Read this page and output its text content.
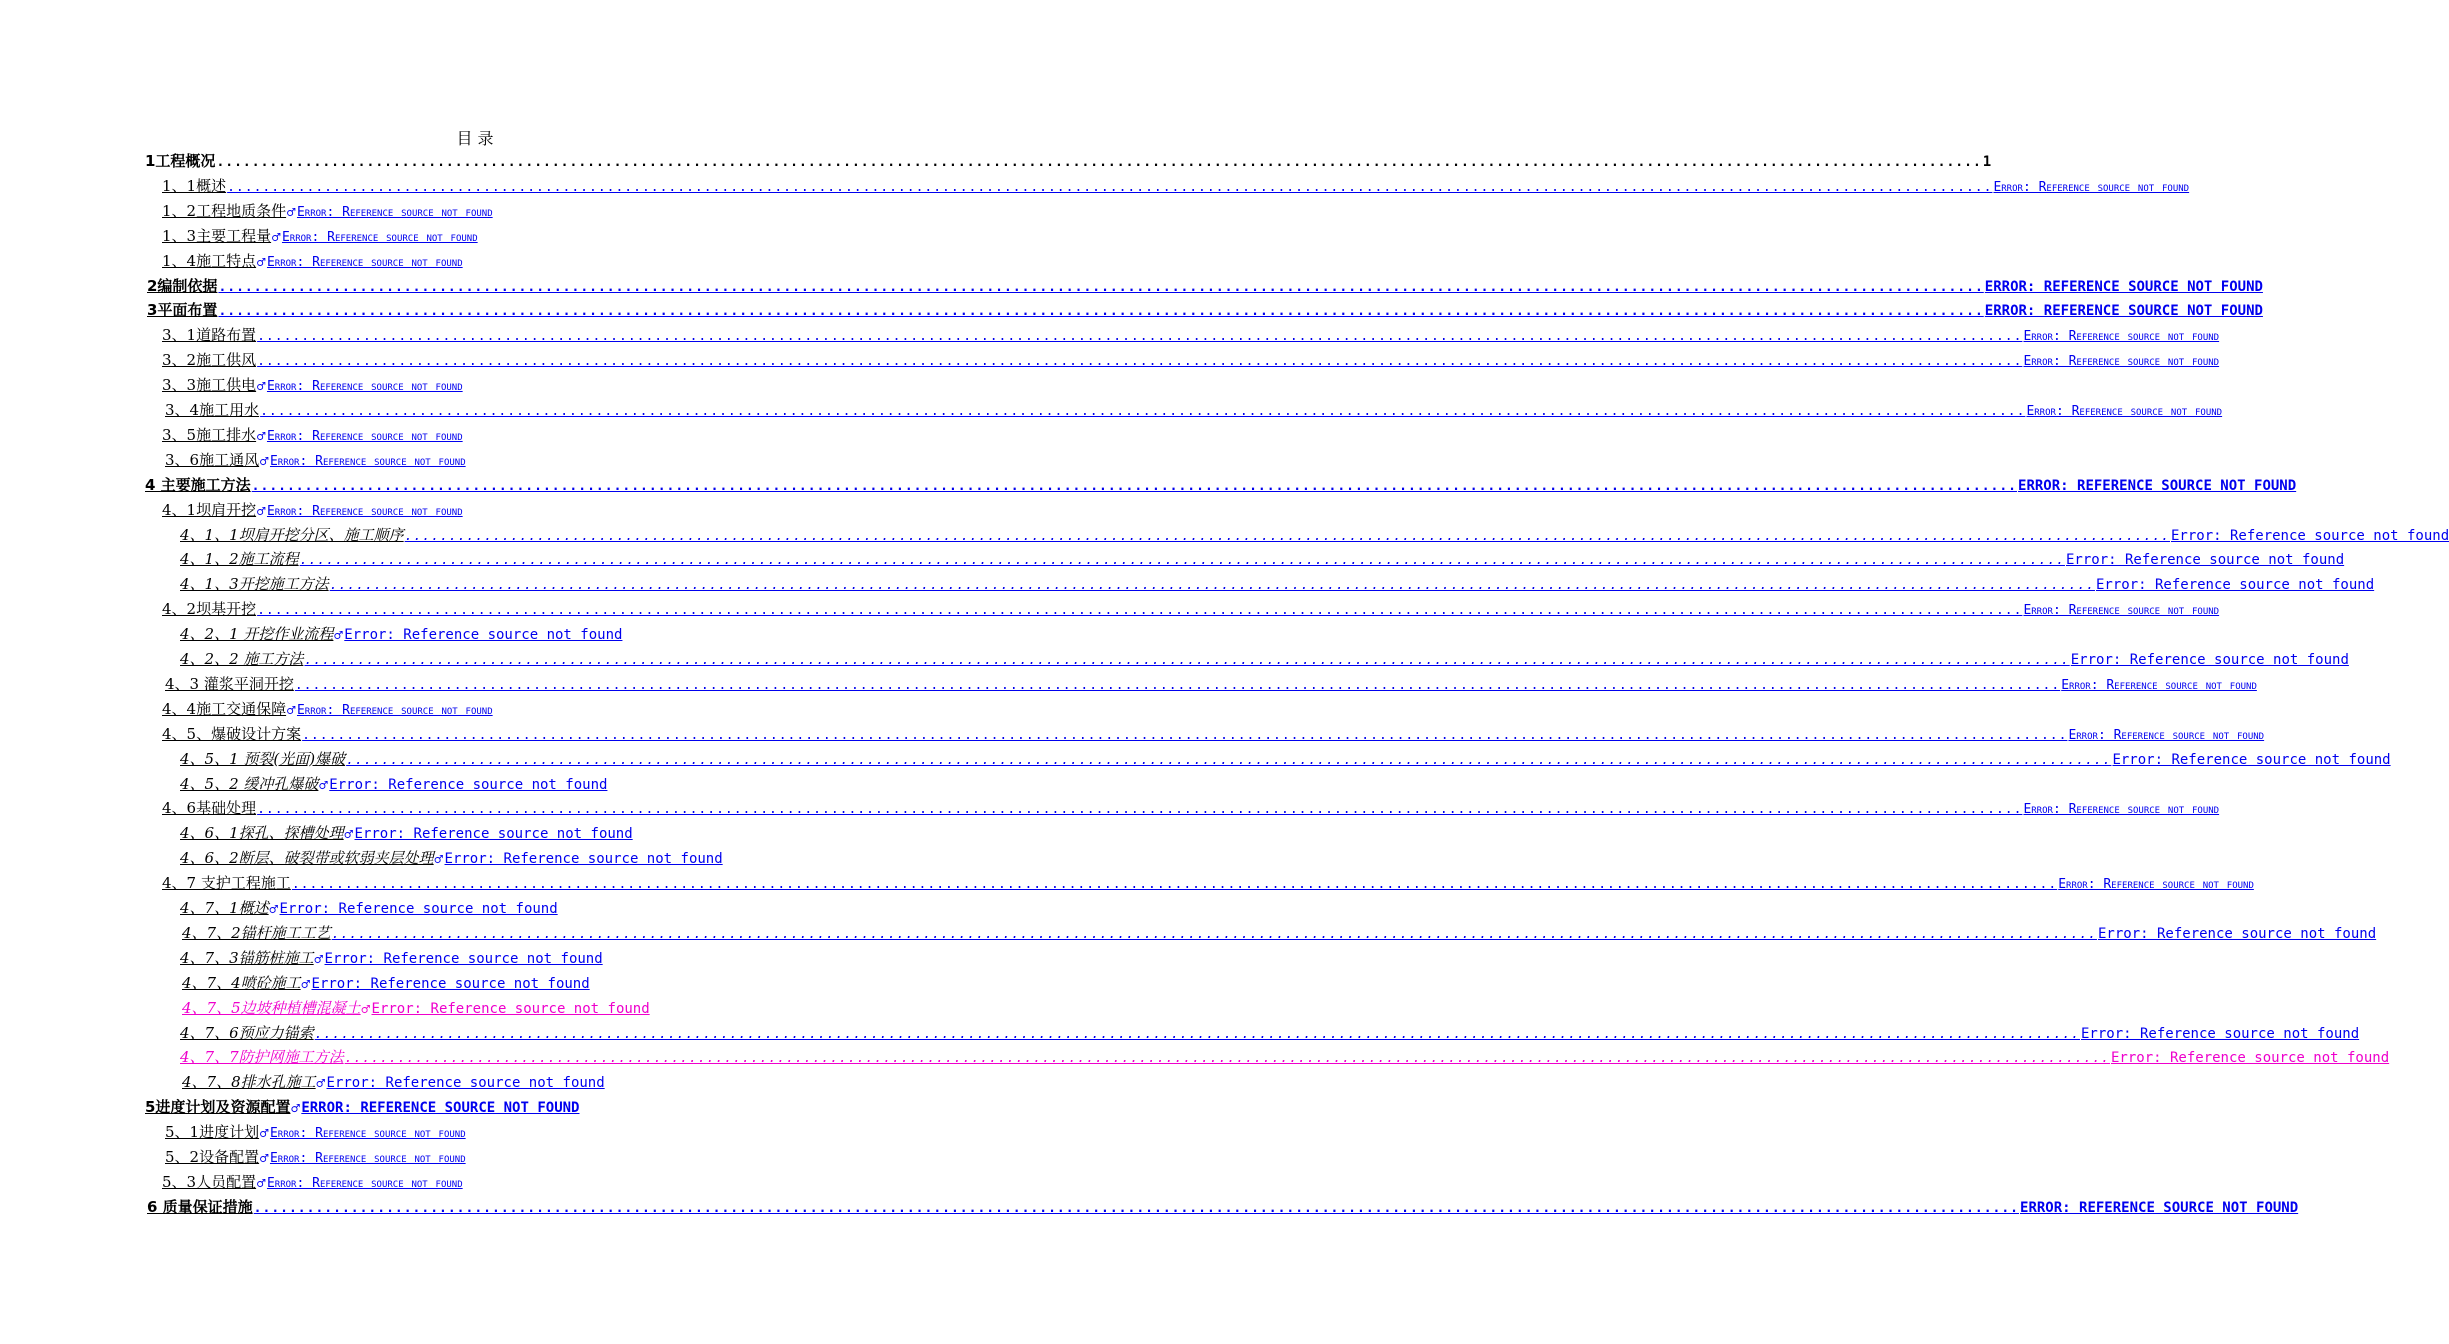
目 录
1工程概况 ........................................................................................................................................................................................................ 1
1、1概述 ........................................................................................................................................................................................................ Error: Reference source not found
1、2工程地质条件 ♂ Error: Reference source not found
1、3主要工程量 ♂ Error: Reference source not found
1、4施工特点 ♂ Error: Reference source not found
2编制依据 ........................................................................................................................................................................................................ ERROR: REFERENCE SOURCE NOT FOUND
3平面布置 ........................................................................................................................................................................................................ ERROR: REFERENCE SOURCE NOT FOUND
3、1道路布置 ........................................................................................................................................................................................................ Error: Reference source not found
3、2施工供风 ........................................................................................................................................................................................................ Error: Reference source not found
3、3施工供电 ♂ Error: Reference source not found
3、4施工用水 ........................................................................................................................................................................................................ Error: Reference source not found
3、5施工排水 ♂ Error: Reference source not found
3、6施工通风 ♂ Error: Reference source not found
4 主要施工方法 ........................................................................................................................................................................................................ ERROR: REFERENCE SOURCE NOT FOUND
4、1坝肩开挖 ♂ Error: Reference source not found
4、1、1坝肩开挖分区、施工顺序 ........................................................................................................................................................................................................ Error: Reference source not found
4、1、2施工流程 ........................................................................................................................................................................................................ Error: Reference source not found
4、1、3开挖施工方法 ........................................................................................................................................................................................................ Error: Reference source not found
4、2坝基开挖 ........................................................................................................................................................................................................ Error: Reference source not found
4、2、1 开挖作业流程 ♂ Error: Reference source not found
4、2、2 施工方法 ........................................................................................................................................................................................................ Error: Reference source not found
4、3 灌浆平洞开挖 ........................................................................................................................................................................................................ Error: Reference source not found
4、4施工交通保障 ♂ Error: Reference source not found
4、5、爆破设计方案 ........................................................................................................................................................................................................ Error: Reference source not found
4、5、1 预裂(光面)爆破 ........................................................................................................................................................................................................ Error: Reference source not found
4、5、2 缓冲孔爆破 ♂ Error: Reference source not found
4、6基础处理 ........................................................................................................................................................................................................ Error: Reference source not found
4、6、1探孔、探槽处理 ♂ Error: Reference source not found
4、6、2断层、破裂带或软弱夹层处理 ♂ Error: Reference source not found
4、7 支护工程施工 ........................................................................................................................................................................................................ Error: Reference source not found
4、7、1概述 ♂ Error: Reference source not found
4、7、2锚杆施工工艺 ........................................................................................................................................................................................................ Error: Reference source not found
4、7、3锚筋桩施工 ♂ Error: Reference source not found
4、7、4喷砼施工 ♂ Error: Reference source not found
4、7、5边坡种植槽混凝土 ♂ Error: Reference source not found
4、7、6预应力锚索 ........................................................................................................................................................................................................ Error: Reference source not found
4、7、7防护网施工方法 ........................................................................................................................................................................................................ Error: Reference source not found
4、7、8排水孔施工 ♂ Error: Reference source not found
5进度计划及资源配置 ♂ ERROR: REFERENCE SOURCE NOT FOUND
5、1进度计划 ♂ Error: Reference source not found
5、2设备配置 ♂ Error: Reference source not found
5、3人员配置 ♂ Error: Reference source not found
6 质量保证措施 ........................................................................................................................................................................................................ ERROR: REFERENCE SOURCE NOT FOUND
